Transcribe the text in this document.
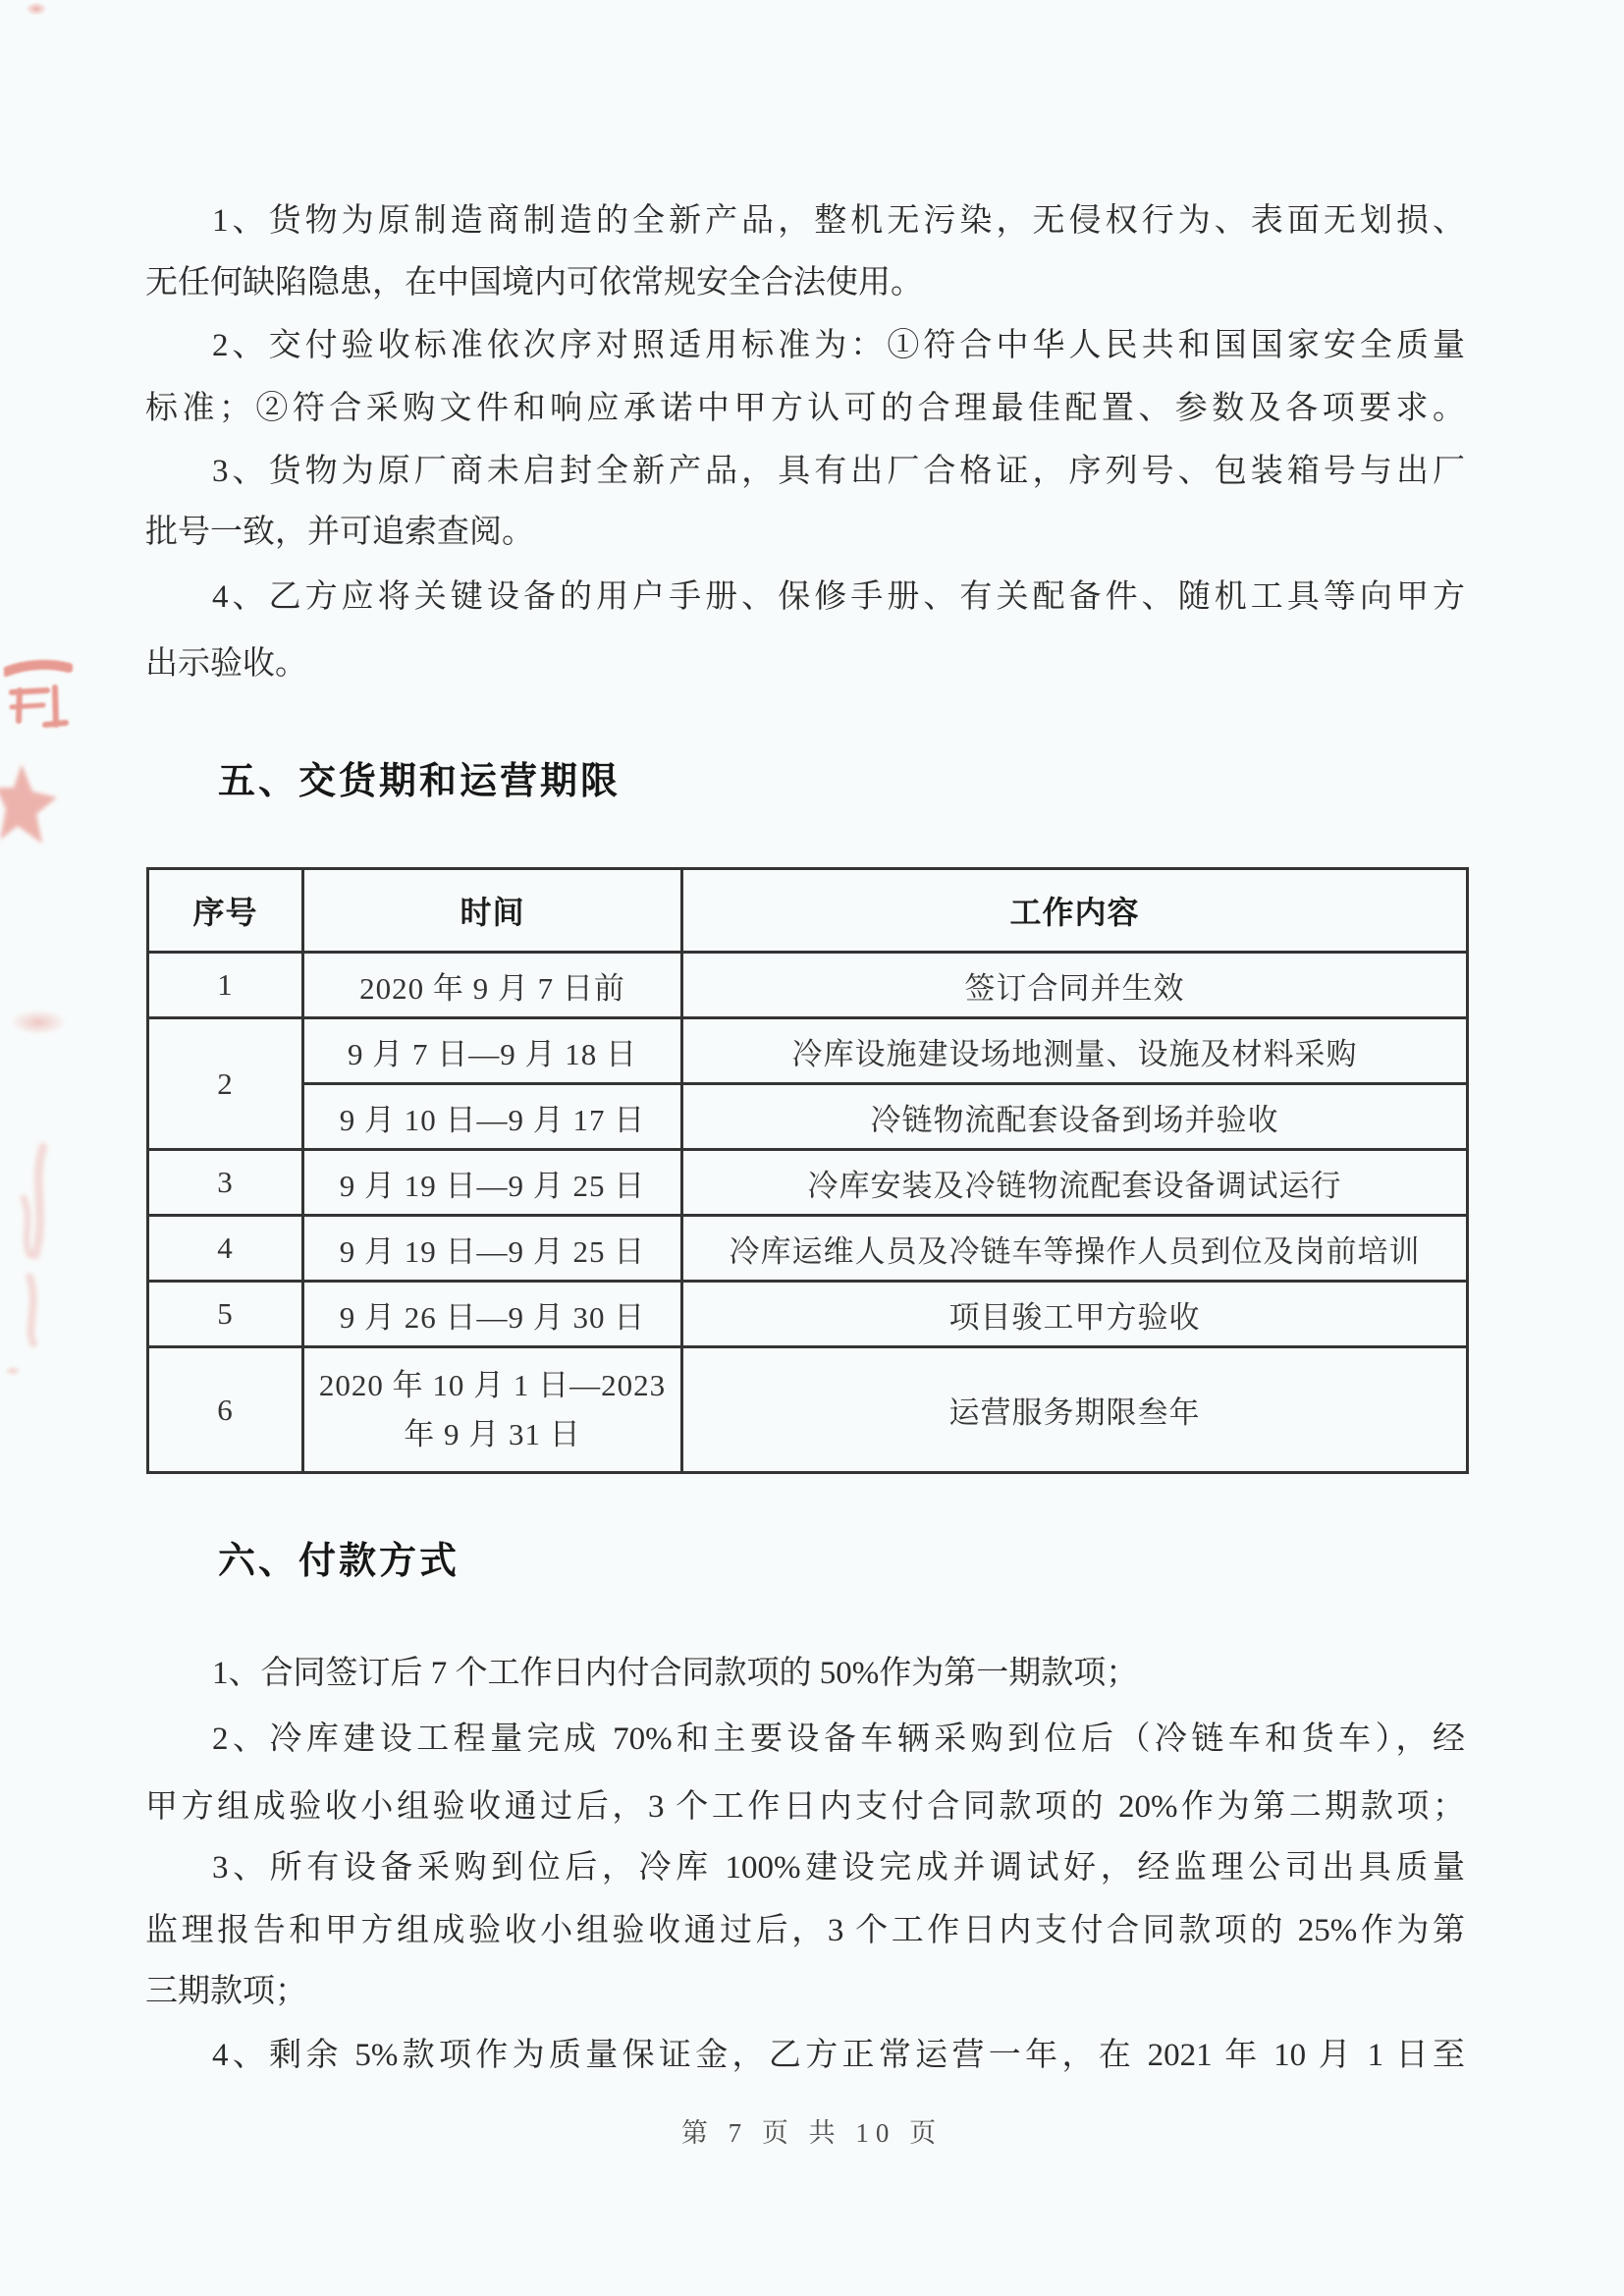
1、货物为原制造商制造的全新产品，整机无污染，无侵权行为、表面无划损、
无任何缺陷隐患，在中国境内可依常规安全合法使用。
2、交付验收标准依次序对照适用标准为：①符合中华人民共和国国家安全质量
标准；②符合采购文件和响应承诺中甲方认可的合理最佳配置、参数及各项要求。
3、货物为原厂商未启封全新产品，具有出厂合格证，序列号、包装箱号与出厂
批号一致，并可追索查阅。
4、乙方应将关键设备的用户手册、保修手册、有关配备件、随机工具等向甲方
出示验收。
五、交货期和运营期限
序号	时间	工作内容
1	2020 年 9 月 7 日前	签订合同并生效
2	9 月 7 日—9 月 18 日	冷库设施建设场地测量、设施及材料采购
	9 月 10 日—9 月 17 日	冷链物流配套设备到场并验收
3	9 月 19 日—9 月 25 日	冷库安装及冷链物流配套设备调试运行
4	9 月 19 日—9 月 25 日	冷库运维人员及冷链车等操作人员到位及岗前培训
5	9 月 26 日—9 月 30 日	项目骏工甲方验收
6	2020 年 10 月 1 日—2023
年 9 月 31 日	运营服务期限叁年
六、付款方式
1、合同签订后 7 个工作日内付合同款项的 50%作为第一期款项；
2、冷库建设工程量完成 70%和主要设备车辆采购到位后（冷链车和货车），经
甲方组成验收小组验收通过后，3 个工作日内支付合同款项的 20%作为第二期款项；
3、所有设备采购到位后，冷库 100%建设完成并调试好，经监理公司出具质量
监理报告和甲方组成验收小组验收通过后，3 个工作日内支付合同款项的 25%作为第
三期款项；
4、剩余 5%款项作为质量保证金，乙方正常运营一年，在 2021 年 10 月 1 日至
第 7 页 共 10 页
